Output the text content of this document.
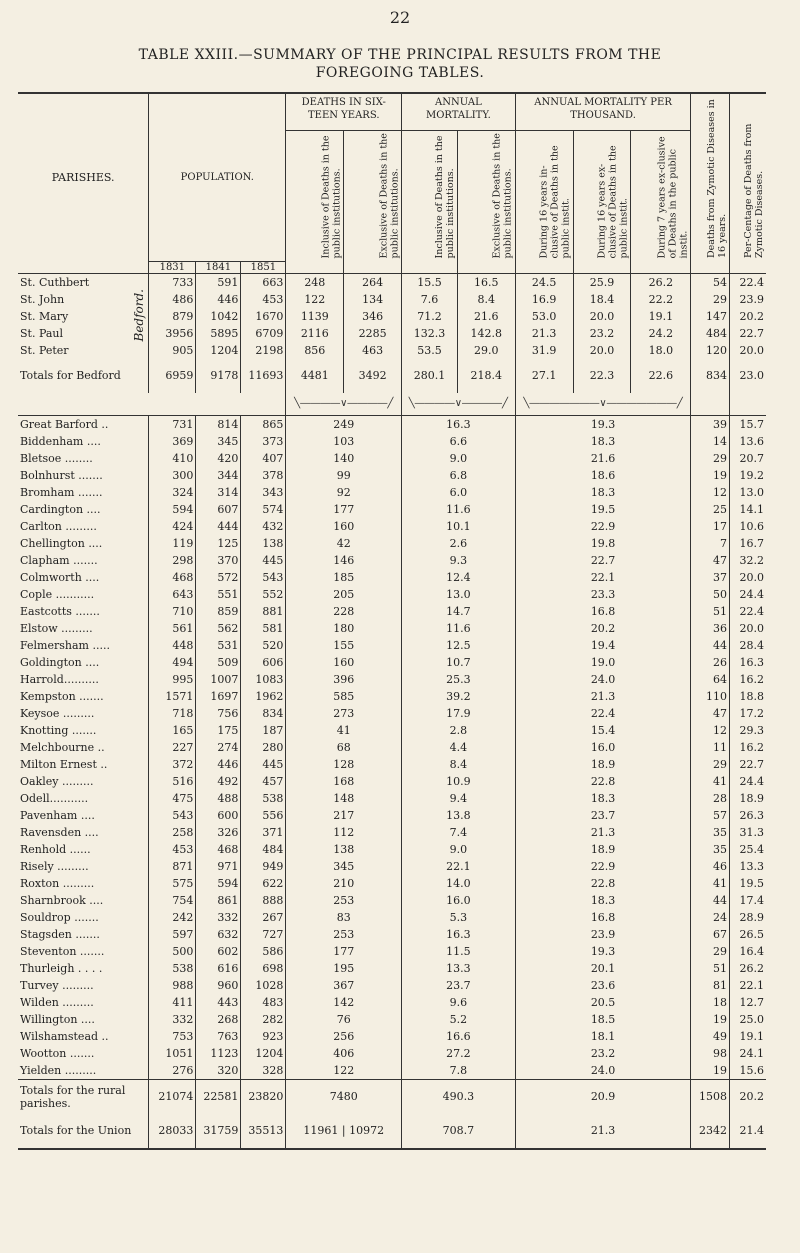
22
TABLE XXIII.—SUMMARY OF THE PRINCIPAL RESULTS FROM THE
FOREGOING TABLES.
PARISHES.		POPULATION.			DEATHS IN SIX-TEEN YEARS.		ANNUAL MORTALITY.		ANNUAL MORTALITY PER THOUSAND.			Deaths from Zymotic Diseases in 16 years.	Per-Centage of Deaths from Zymotic Diseases.
					Inclusive of Deaths in the public institutions.	Exclusive of Deaths in the public institutions.	Inclusive of Deaths in the public institutions.	Exclusive of Deaths in the public institutions.	During 16 years in-clusive of Deaths in the public instit.	During 16 years ex-clusive of Deaths in the public instit.	During 7 years ex-clusive of Deaths in the public instit.		
		1831	1841	1851									
St. Cuthbert	Bedford.	733	591	663	248	264	15.5	16.5	24.5	25.9	26.2	54	22.4
St. John		486	446	453	122	134	7.6	8.4	16.9	18.4	22.2	29	23.9
St. Mary		879	1042	1670	1139	346	71.2	21.6	53.0	20.0	19.1	147	20.2
St. Paul		3956	5895	6709	2116	2285	132.3	142.8	21.3	23.2	24.2	484	22.7
St. Peter		905	1204	2198	856	463	53.5	29.0	31.9	20.0	18.0	120	20.0
Totals for Bedford		6959	9178	11693	4481	3492	280.1	218.4	27.1	22.3	22.6	834	23.0
					╲――――∨――――╱		╲――――∨――――╱		╲―――――――∨―――――――╱				
Great Barford ..		731	814	865	249		16.3		19.3			39	15.7
Biddenham ....		369	345	373	103		6.6		18.3			14	13.6
Bletsoe ........		410	420	407	140		9.0		21.6			29	20.7
Bolnhurst .......		300	344	378	99		6.8		18.6			19	19.2
Bromham .......		324	314	343	92		6.0		18.3			12	13.0
Cardington ....		594	607	574	177		11.6		19.5			25	14.1
Carlton .........		424	444	432	160		10.1		22.9			17	10.6
Chellington ....		119	125	138	42		2.6		19.8			7	16.7
Clapham .......		298	370	445	146		9.3		22.7			47	32.2
Colmworth ....		468	572	543	185		12.4		22.1			37	20.0
Cople ...........		643	551	552	205		13.0		23.3			50	24.4
Eastcotts .......		710	859	881	228		14.7		16.8			51	22.4
Elstow .........		561	562	581	180		11.6		20.2			36	20.0
Felmersham .....		448	531	520	155		12.5		19.4			44	28.4
Goldington ....		494	509	606	160		10.7		19.0			26	16.3
Harrold..........		995	1007	1083	396		25.3		24.0			64	16.2
Kempston .......		1571	1697	1962	585		39.2		21.3			110	18.8
Keysoe .........		718	756	834	273		17.9		22.4			47	17.2
Knotting .......		165	175	187	41		2.8		15.4			12	29.3
Melchbourne ..		227	274	280	68		4.4		16.0			11	16.2
Milton Ernest ..		372	446	445	128		8.4		18.9			29	22.7
Oakley .........		516	492	457	168		10.9		22.8			41	24.4
Odell...........		475	488	538	148		9.4		18.3			28	18.9
Pavenham ....		543	600	556	217		13.8		23.7			57	26.3
Ravensden ....		258	326	371	112		7.4		21.3			35	31.3
Renhold ......		453	468	484	138		9.0		18.9			35	25.4
Risely .........		871	971	949	345		22.1		22.9			46	13.3
Roxton .........		575	594	622	210		14.0		22.8			41	19.5
Sharnbrook ....		754	861	888	253		16.0		18.3			44	17.4
Souldrop .......		242	332	267	83		5.3		16.8			24	28.9
Stagsden .......		597	632	727	253		16.3		23.9			67	26.5
Steventon .......		500	602	586	177		11.5		19.3			29	16.4
Thurleigh . . . .		538	616	698	195		13.3		20.1			51	26.2
Turvey .........		988	960	1028	367		23.7		23.6			81	22.1
Wilden .........		411	443	483	142		9.6		20.5			18	12.7
Willington ....		332	268	282	76		5.2		18.5			19	25.0
Wilshamstead ..		753	763	923	256		16.6		18.1			49	19.1
Wootton .......		1051	1123	1204	406		27.2		23.2			98	24.1
Yielden .........		276	320	328	122		7.8		24.0			19	15.6
Totals for the rural parishes.		21074	22581	23820	7480		490.3		20.9			1508	20.2
Totals for the Union		28033	31759	35513	11961 | 10972		708.7		21.3			2342	21.4
